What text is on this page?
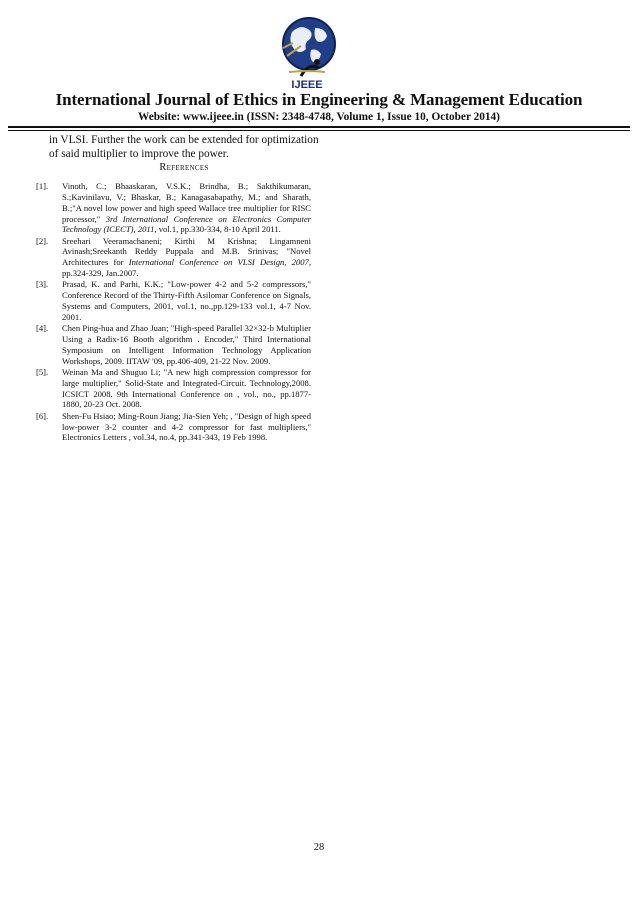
IJEEE
International Journal of Ethics in Engineering & Management Education
Website: www.ijeee.in (ISSN: 2348-4748, Volume 1, Issue 10, October 2014)
in VLSI. Further the work can be extended for optimization
of said multiplier to improve the power.
References
[1]. Vinoth, C.; Bhaaskaran, V.S.K.; Brindha, B.; Sakthikumaran, S.;Kavinilavu, V.; Bhaskar, B.; Kanagasabapathy, M.; and Sharath, B.;"A novel low power and high speed Wallace tree multiplier for RISC processor," 3rd International Conference on Electronics Computer Technology (ICECT), 2011, vol.1, pp.330-334, 8-10 April 2011.
[2]. Sreehari Veeramachaneni; Kirthi M Krishna; Lingamneni Avinash;Sreekanth Reddy Puppala and M.B. Srinivas; "Novel Architectures for International Conference on VLSI Design, 2007, pp.324-329, Jan.2007.
[3]. Prasad, K. and Parhi, K.K.; "Low-power 4-2 and 5-2 compressors," Conference Record of the Thirty-Fifth Asilomar Conference on Signals, Systems and Computers, 2001, vol.1, no.,pp.129-133 vol.1, 4-7 Nov. 2001.
[4]. Chen Ping-hua and Zhao Juan; "High-speed Parallel 32×32-b Multiplier Using a Radix-16 Booth algorithm . Encoder," Third International Symposium on Intelligent Information Technology Application Workshops, 2009. IITAW '09, pp.406-409, 21-22 Nov. 2009.
[5]. Weinan Ma and Shuguo Li; "A new high compression compressor for large multiplier," Solid-State and Integrated-Circuit. Technology,2008. ICSICT 2008. 9th International Conference on , vol., no., pp.1877-1880, 20-23 Oct. 2008.
[6]. Shen-Fu Hsiao; Ming-Roun Jiang; Jia-Sien Yeh; , "Design of high speed low-power 3-2 counter and 4-2 compressor for fast multipliers," Electronics Letters , vol.34, no.4, pp.341-343, 19 Feb 1998.
28
